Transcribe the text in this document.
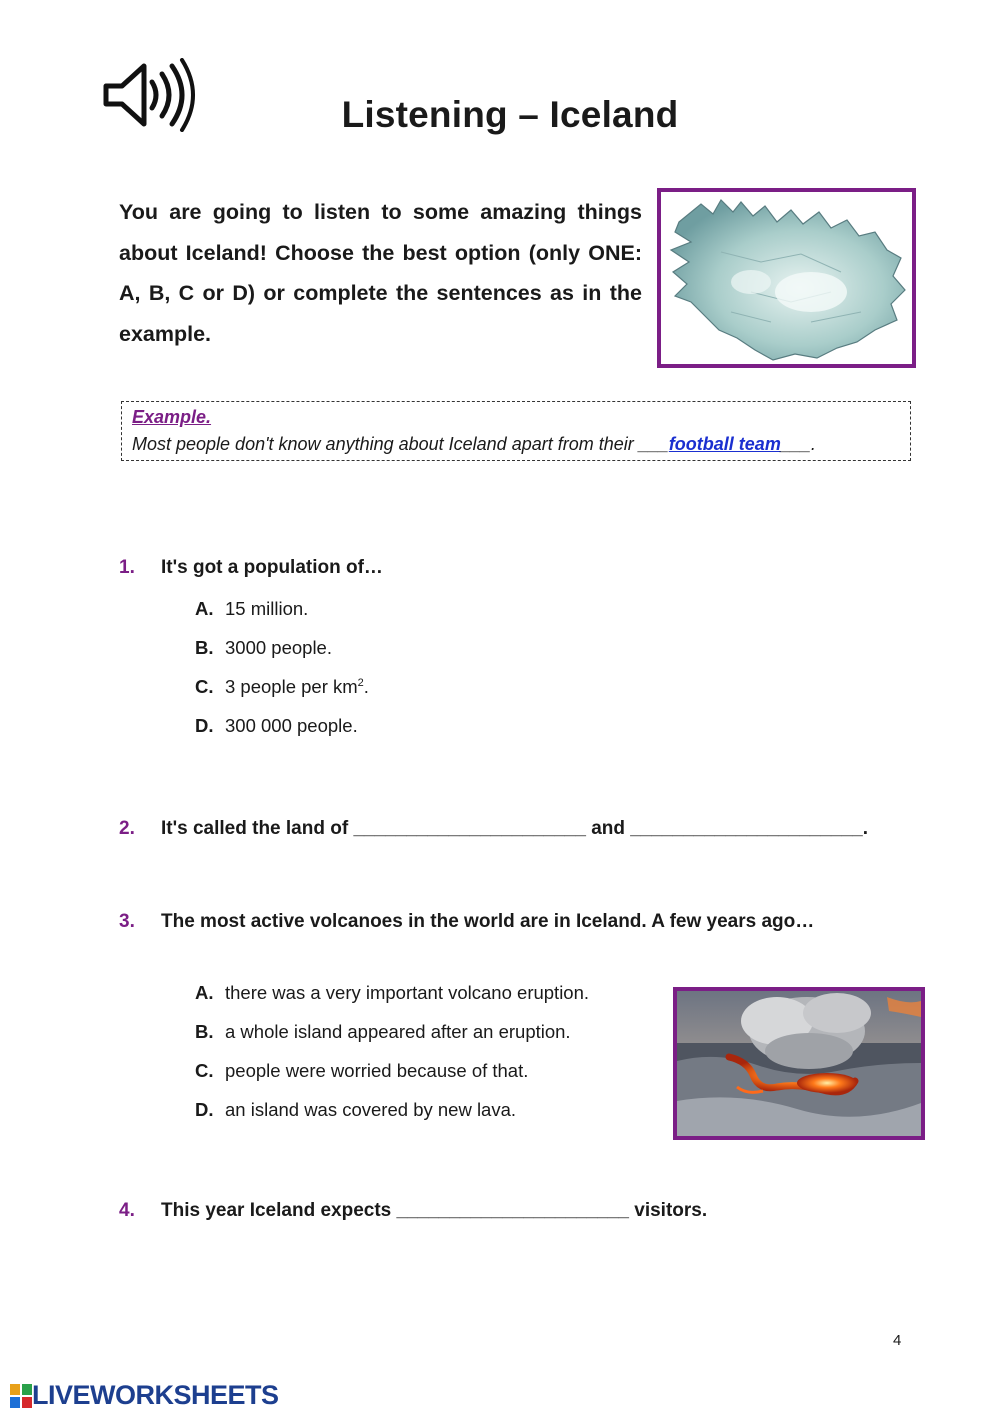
Listening – Iceland
You are going to listen to some amazing things about Iceland! Choose the best option (only ONE: A, B, C or D) or complete the sentences as in the example.
Example.
Most people don't know anything about Iceland apart from their ___football team___.
1. It's got a population of…
A. 15 million.
B. 3000 people.
C. 3 people per $km^2$.
D. 300 000 people.
2. It's called the land of ______________________ and ______________________.
3. The most active volcanoes in the world are in Iceland. A few years ago…
A. there was a very important volcano eruption.
B. a whole island appeared after an eruption.
C. people were worried because of that.
D. an island was covered by new lava.
4. This year Iceland expects ______________________ visitors.
4
LIVEWORKSHEETS
